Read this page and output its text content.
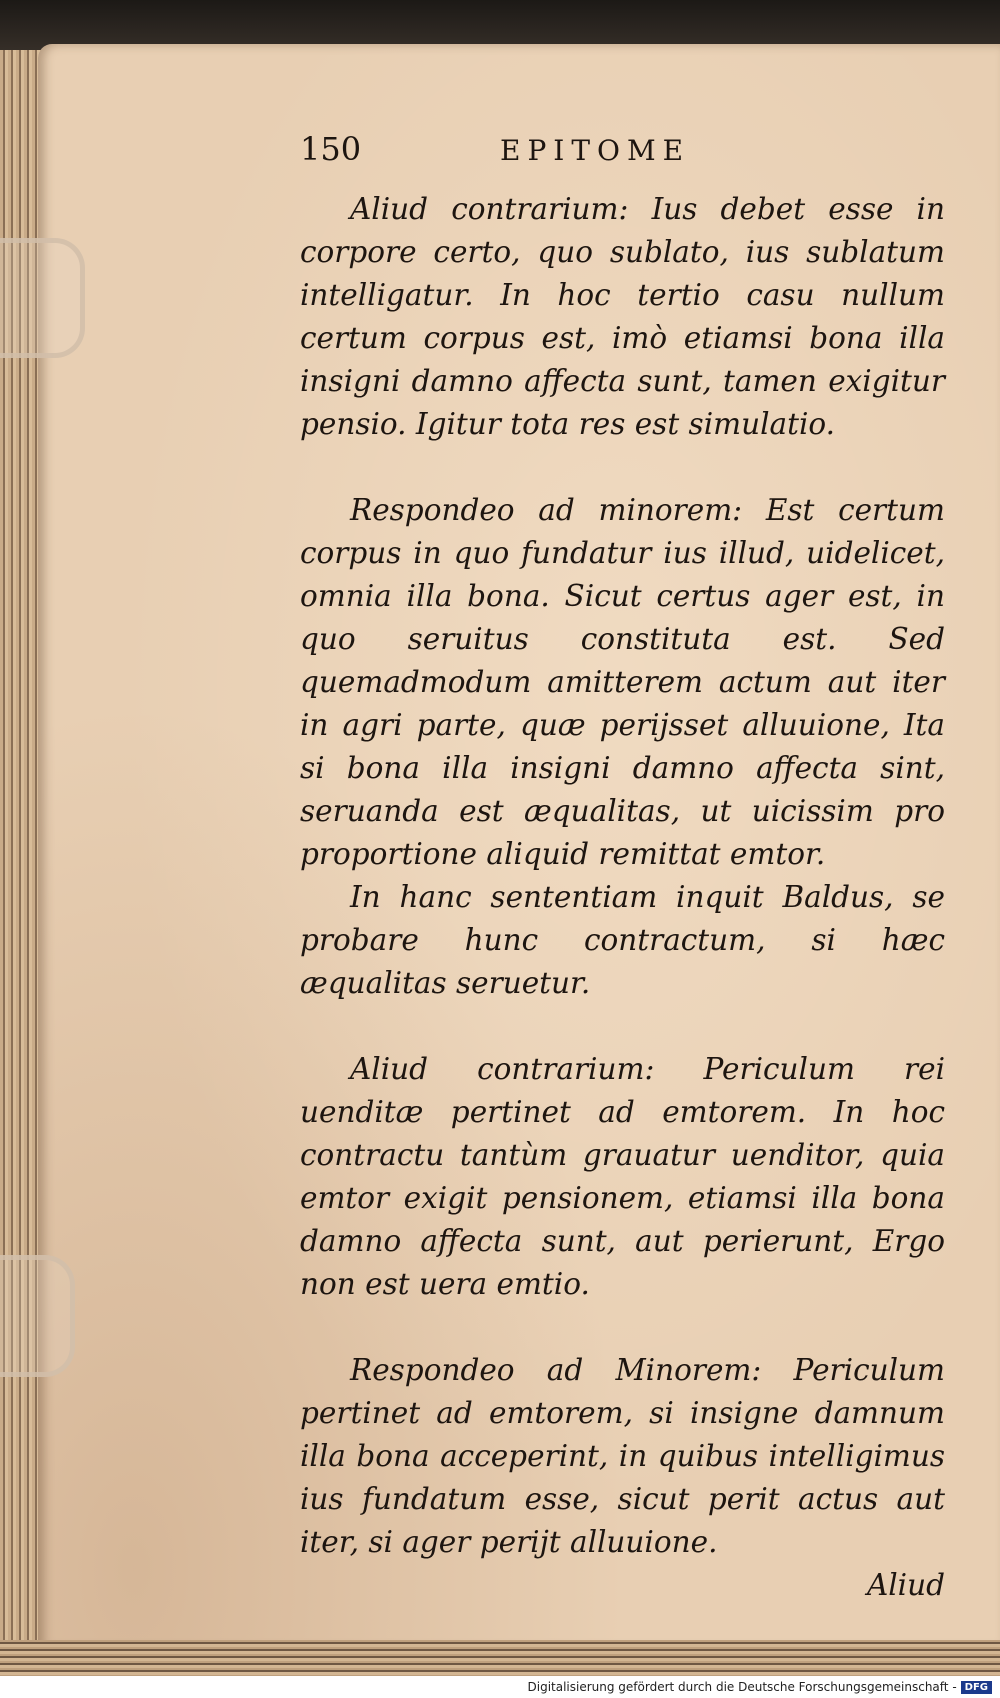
150	EPITOME

Aliud contrarium: Ius debet esse in corpore certo, quo sublato, ius sublatum intelligatur. In hoc tertio casu nullum certum corpus est, imò etiamsi bona illa insigni damno affecta sunt, tamen exigitur pensio. Igitur tota res est simulatio.

Respondeo ad minorem: Est certum corpus in quo fundatur ius illud, uidelicet, omnia illa bona. Sicut certus ager est, in quo seruitus constituta est. Sed quemadmodum amitterem actum aut iter in agri parte, quæ perijsset alluuione, Ita si bona illa insigni damno affecta sint, seruanda est æqualitas, ut uicissim pro proportione aliquid remittat emtor.

In hanc sententiam inquit Baldus, se probare hunc contractum, si hæc æqualitas seruetur.

Aliud contrarium: Periculum rei uenditæ pertinet ad emtorem. In hoc contractu tantùm grauatur uenditor, quia emtor exigit pensionem, etiamsi illa bona damno affecta sunt, aut perierunt, Ergo non est uera emtio.

Respondeo ad Minorem: Periculum pertinet ad emtorem, si insigne damnum illa bona acceperint, in quibus intelligimus ius fundatum esse, sicut perit actus aut iter, si ager perijt alluuione.

Aliud

Digitalisierung gefördert durch die Deutsche Forschungsgemeinschaft - DFG
